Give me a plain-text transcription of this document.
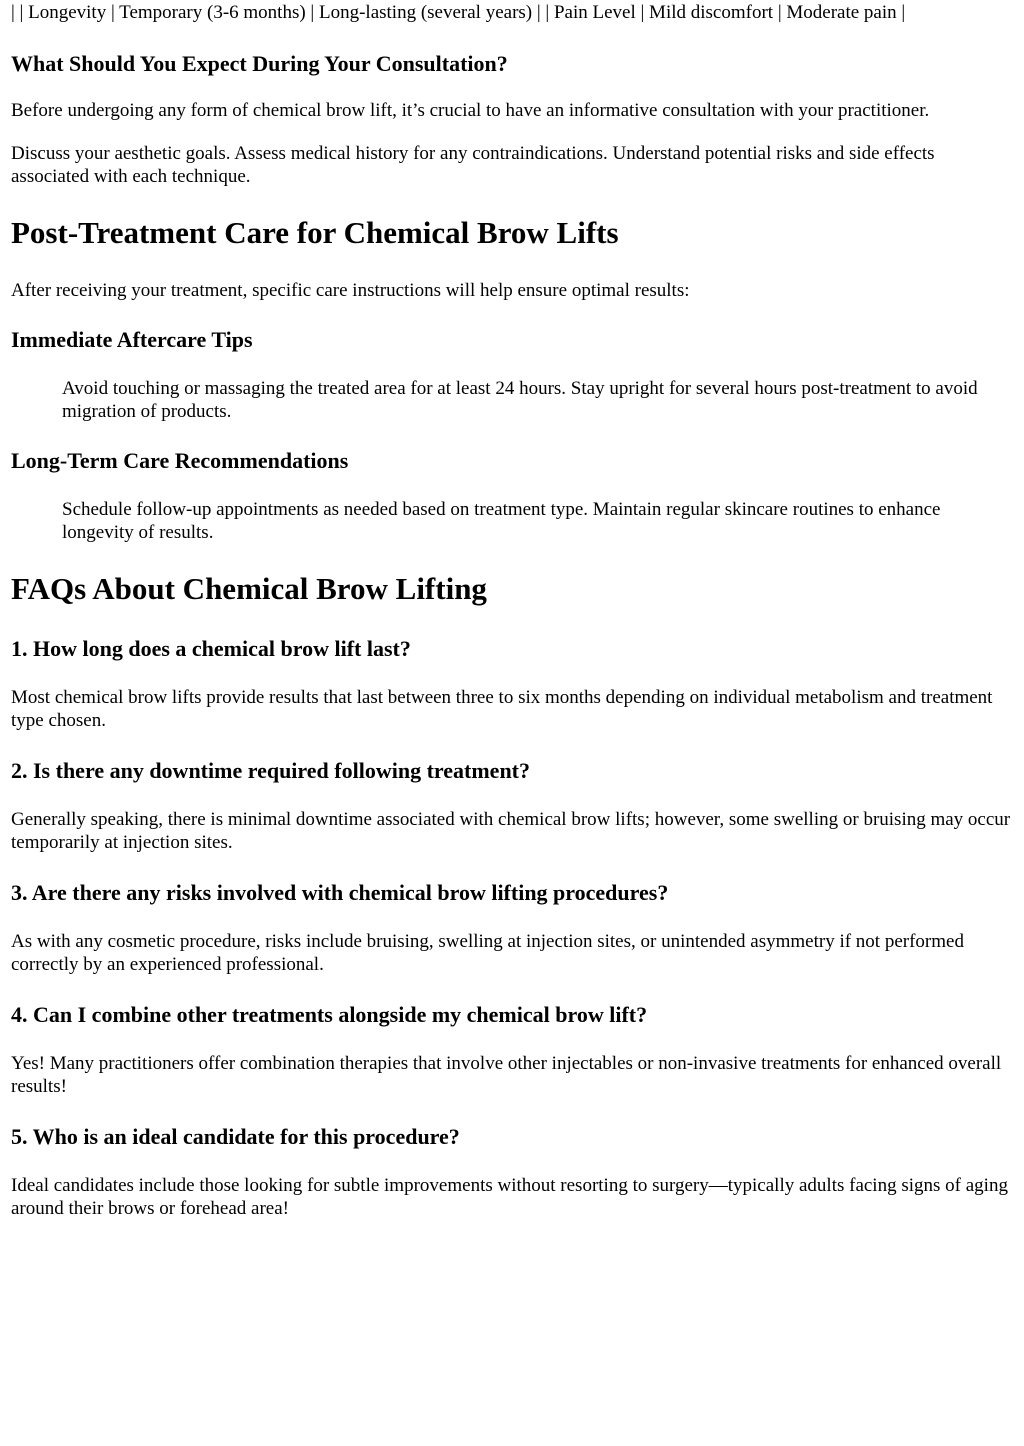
| | Longevity | Temporary (3-6 months) | Long-lasting (several years) | | Pain Level | Mild discomfort | Moderate pain |

What Should You Expect During Your Consultation?

Before undergoing any form of chemical brow lift, it’s crucial to have an informative consultation with your practitioner.

Discuss your aesthetic goals. Assess medical history for any contraindications. Understand potential risks and side effects associated with each technique.

Post-Treatment Care for Chemical Brow Lifts

After receiving your treatment, specific care instructions will help ensure optimal results:

Immediate Aftercare Tips

Avoid touching or massaging the treated area for at least 24 hours. Stay upright for several hours post-treatment to avoid migration of products.

Long-Term Care Recommendations

Schedule follow-up appointments as needed based on treatment type. Maintain regular skincare routines to enhance longevity of results.

FAQs About Chemical Brow Lifting
1. How long does a chemical brow lift last?

Most chemical brow lifts provide results that last between three to six months depending on individual metabolism and treatment type chosen.

2. Is there any downtime required following treatment?

Generally speaking, there is minimal downtime associated with chemical brow lifts; however, some swelling or bruising may occur temporarily at injection sites.

3. Are there any risks involved with chemical brow lifting procedures?

As with any cosmetic procedure, risks include bruising, swelling at injection sites, or unintended asymmetry if not performed correctly by an experienced professional.

4. Can I combine other treatments alongside my chemical brow lift?

Yes! Many practitioners offer combination therapies that involve other injectables or non-invasive treatments for enhanced overall results!

5. Who is an ideal candidate for this procedure?

Ideal candidates include those looking for subtle improvements without resorting to surgery—typically adults facing signs of aging around their brows or forehead area!
